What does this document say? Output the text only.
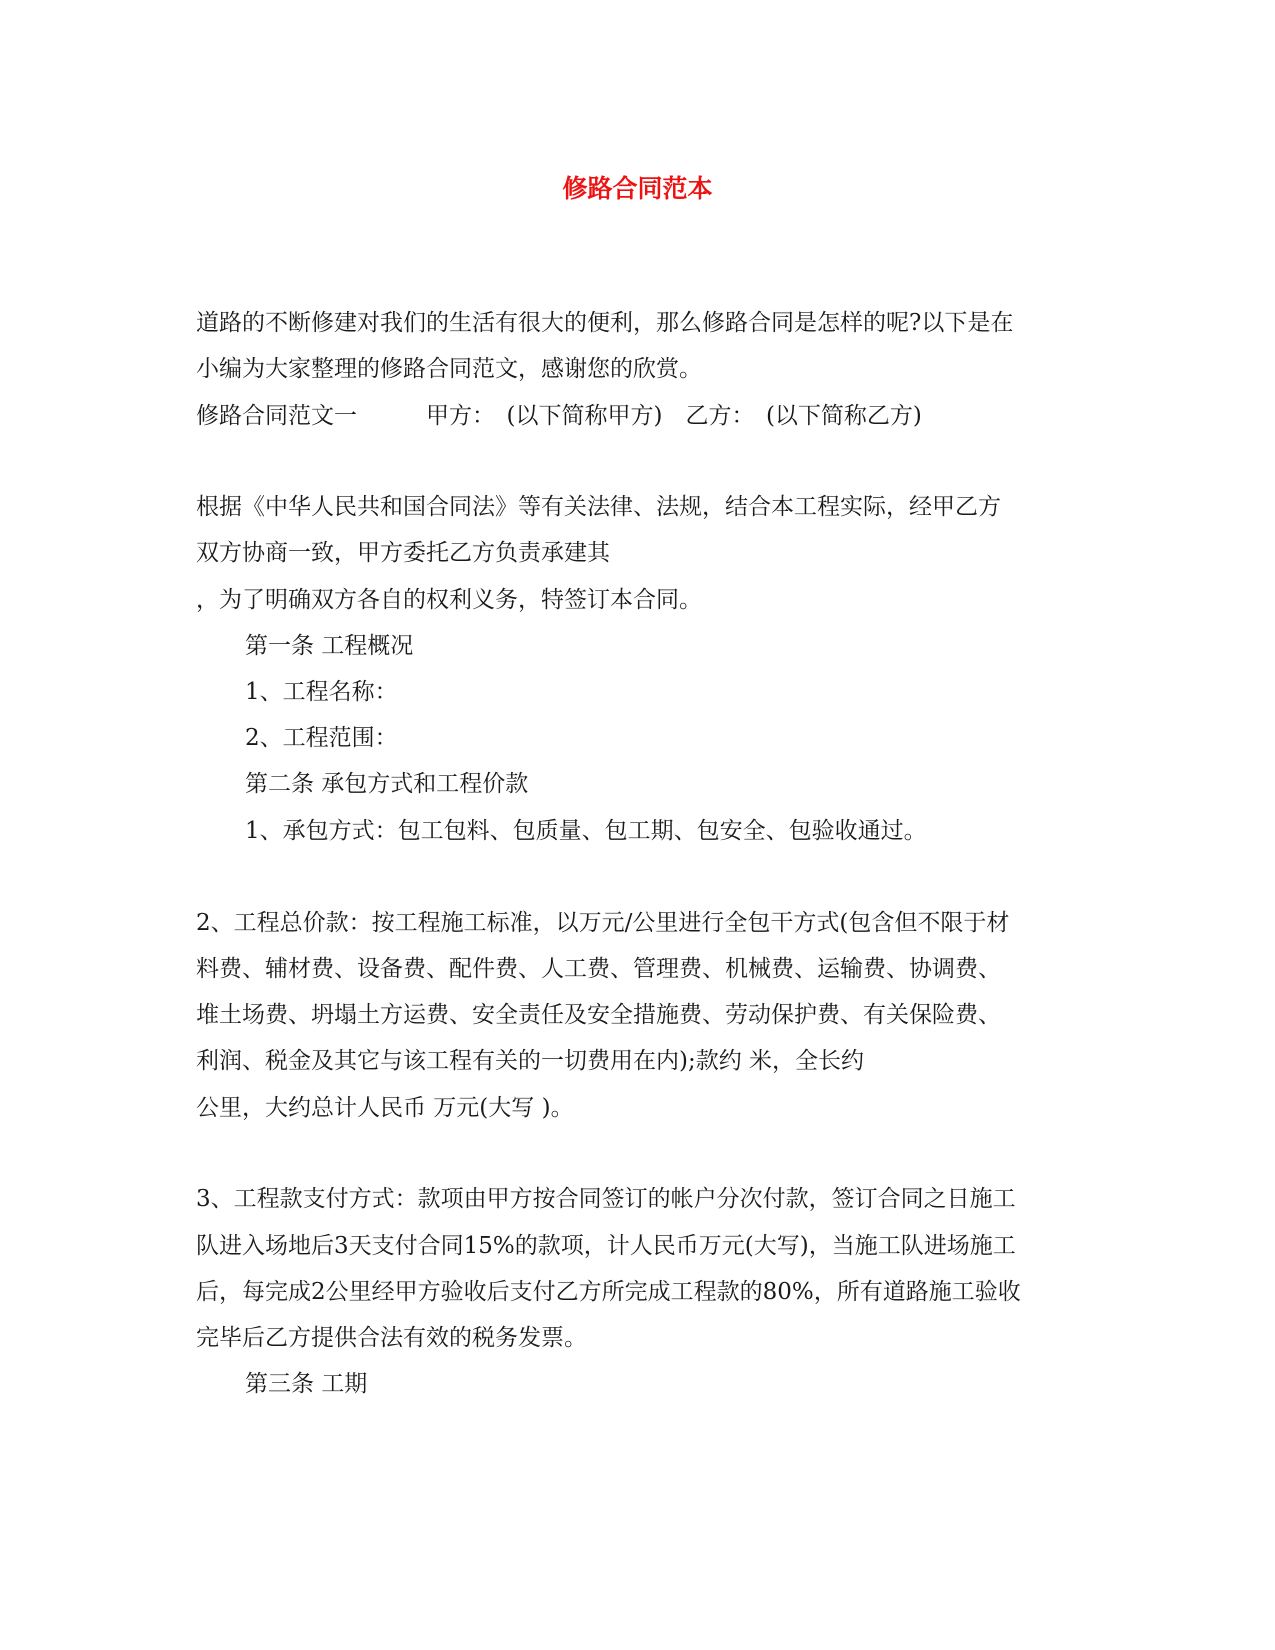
修路合同范本
道路的不断修建对我们的生活有很大的便利，那么修路合同是怎样的呢?以下是在
小编为大家整理的修路合同范文，感谢您的欣赏。
修路合同范文一　　　甲方：　(以下简称甲方)　乙方：　(以下简称乙方)
根据《中华人民共和国合同法》等有关法律、法规，结合本工程实际，经甲乙方
双方协商一致，甲方委托乙方负责承建其
，为了明确双方各自的权利义务，特签订本合同。
第一条 工程概况
1、工程名称：
2、工程范围：
第二条 承包方式和工程价款
1、承包方式：包工包料、包质量、包工期、包安全、包验收通过。
2、工程总价款：按工程施工标准，以万元/公里进行全包干方式(包含但不限于材
料费、辅材费、设备费、配件费、人工费、管理费、机械费、运输费、协调费、
堆土场费、坍塌土方运费、安全责任及安全措施费、劳动保护费、有关保险费、
利润、税金及其它与该工程有关的一切费用在内);款约 米，全长约
公里，大约总计人民币 万元(大写 )。
3、工程款支付方式：款项由甲方按合同签订的帐户分次付款，签订合同之日施工
队进入场地后3天支付合同15%的款项，计人民币万元(大写)，当施工队进场施工
后，每完成2公里经甲方验收后支付乙方所完成工程款的80%，所有道路施工验收
完毕后乙方提供合法有效的税务发票。
第三条 工期
